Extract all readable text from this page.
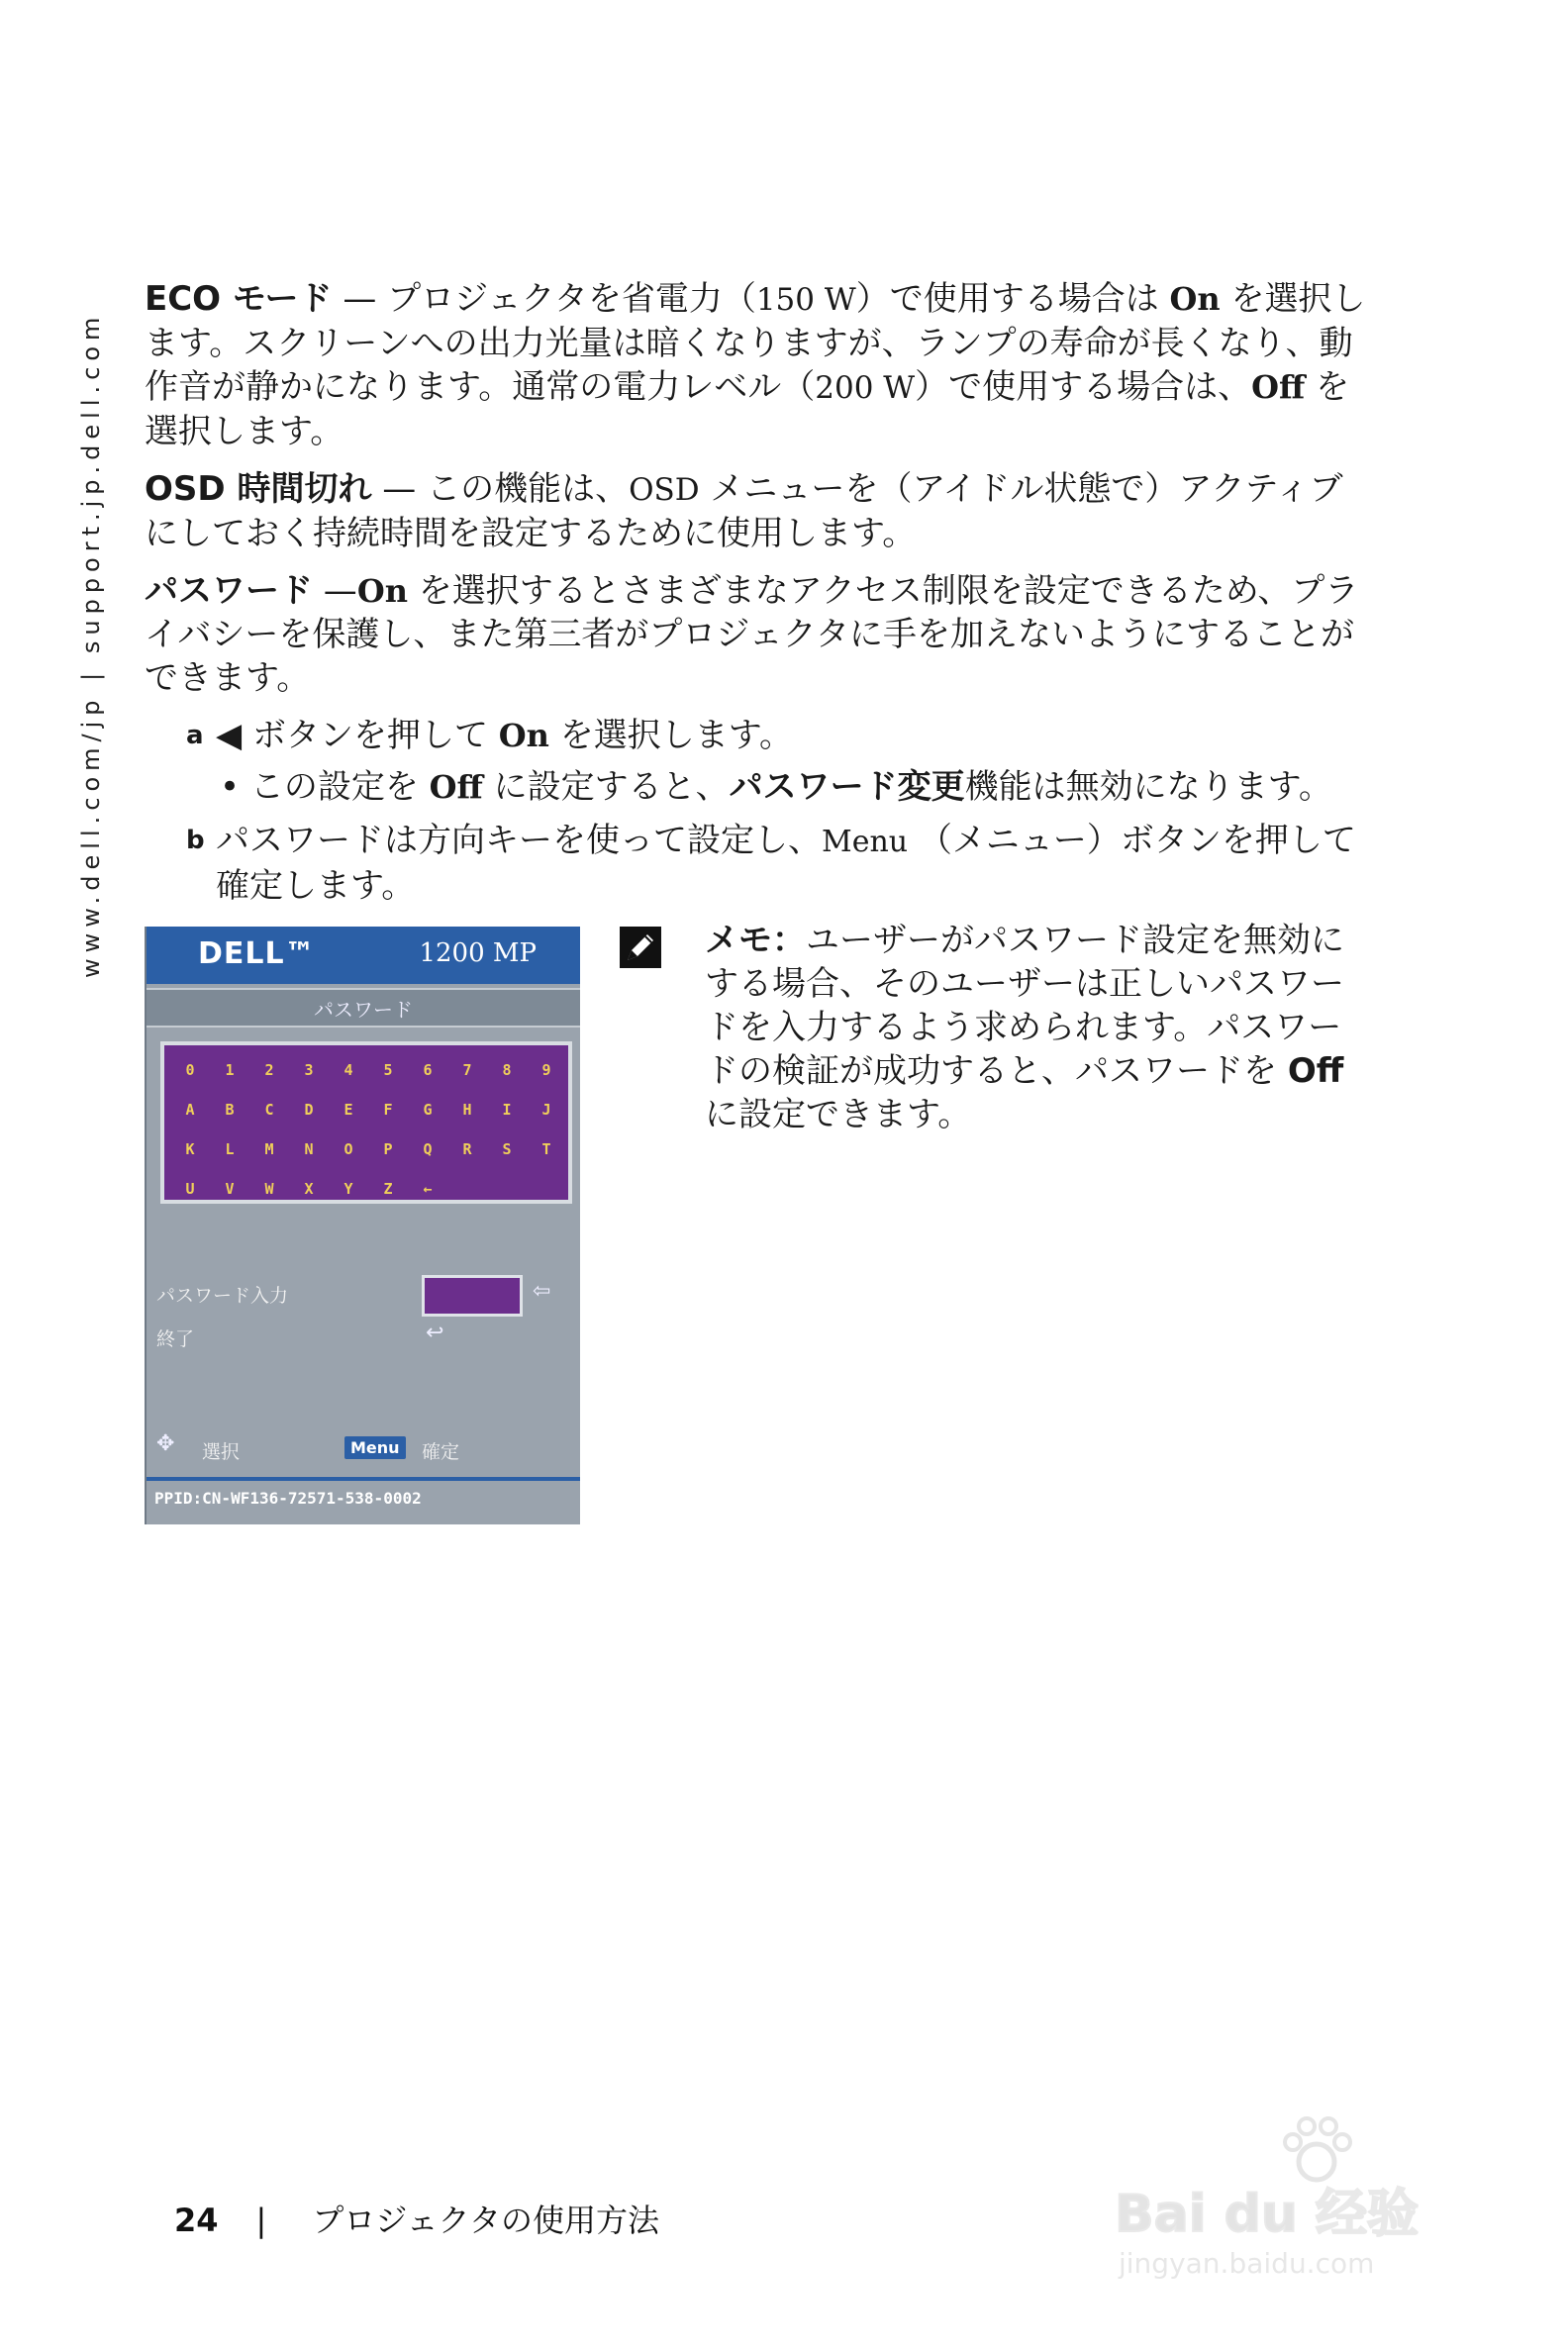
www.dell.com/jp | support.jp.dell.com

ECO モード — プロジェクタを省電力（150 W）で使用する場合は On を選択します。スクリーンへの出力光量は暗くなりますが、ランプの寿命が長くなり、動作音が静かになります。通常の電力レベル（200 W）で使用する場合は、Off を選択します。

OSD 時間切れ — この機能は、OSD メニューを（アイドル状態で）アクティブにしておく持続時間を設定するために使用します。

パスワード —On を選択するとさまざまなアクセス制限を設定できるため、プライバシーを保護し、また第三者がプロジェクタに手を加えないようにすることができます。

a ◀ ボタンを押して On を選択します。

• この設定を Off に設定すると、パスワード変更機能は無効になります。

b パスワードは方向キーを使って設定し、Menu （メニュー）ボタンを押して確定します。

DELL™	1200 MP
パスワード
0	1	2	3	4	5	6	7	8	9
A	B	C	D	E	F	G	H	I	J
K	L	M	N	O	P	Q	R	S	T
U	V	W	X	Y	Z	←
パスワード入力	⇦
終了	↩
✥ 選択	Menu	確定
PPID:CN-WF136-72571-538-0002
メモ：ユーザーがパスワード設定を無効にする場合、そのユーザーは正しいパスワードを入力するよう求められます。パスワードの検証が成功すると、パスワードを Off に設定できます。
24 | プロジェクタの使用方法	Bai du 经验
jingyan.baidu.com
